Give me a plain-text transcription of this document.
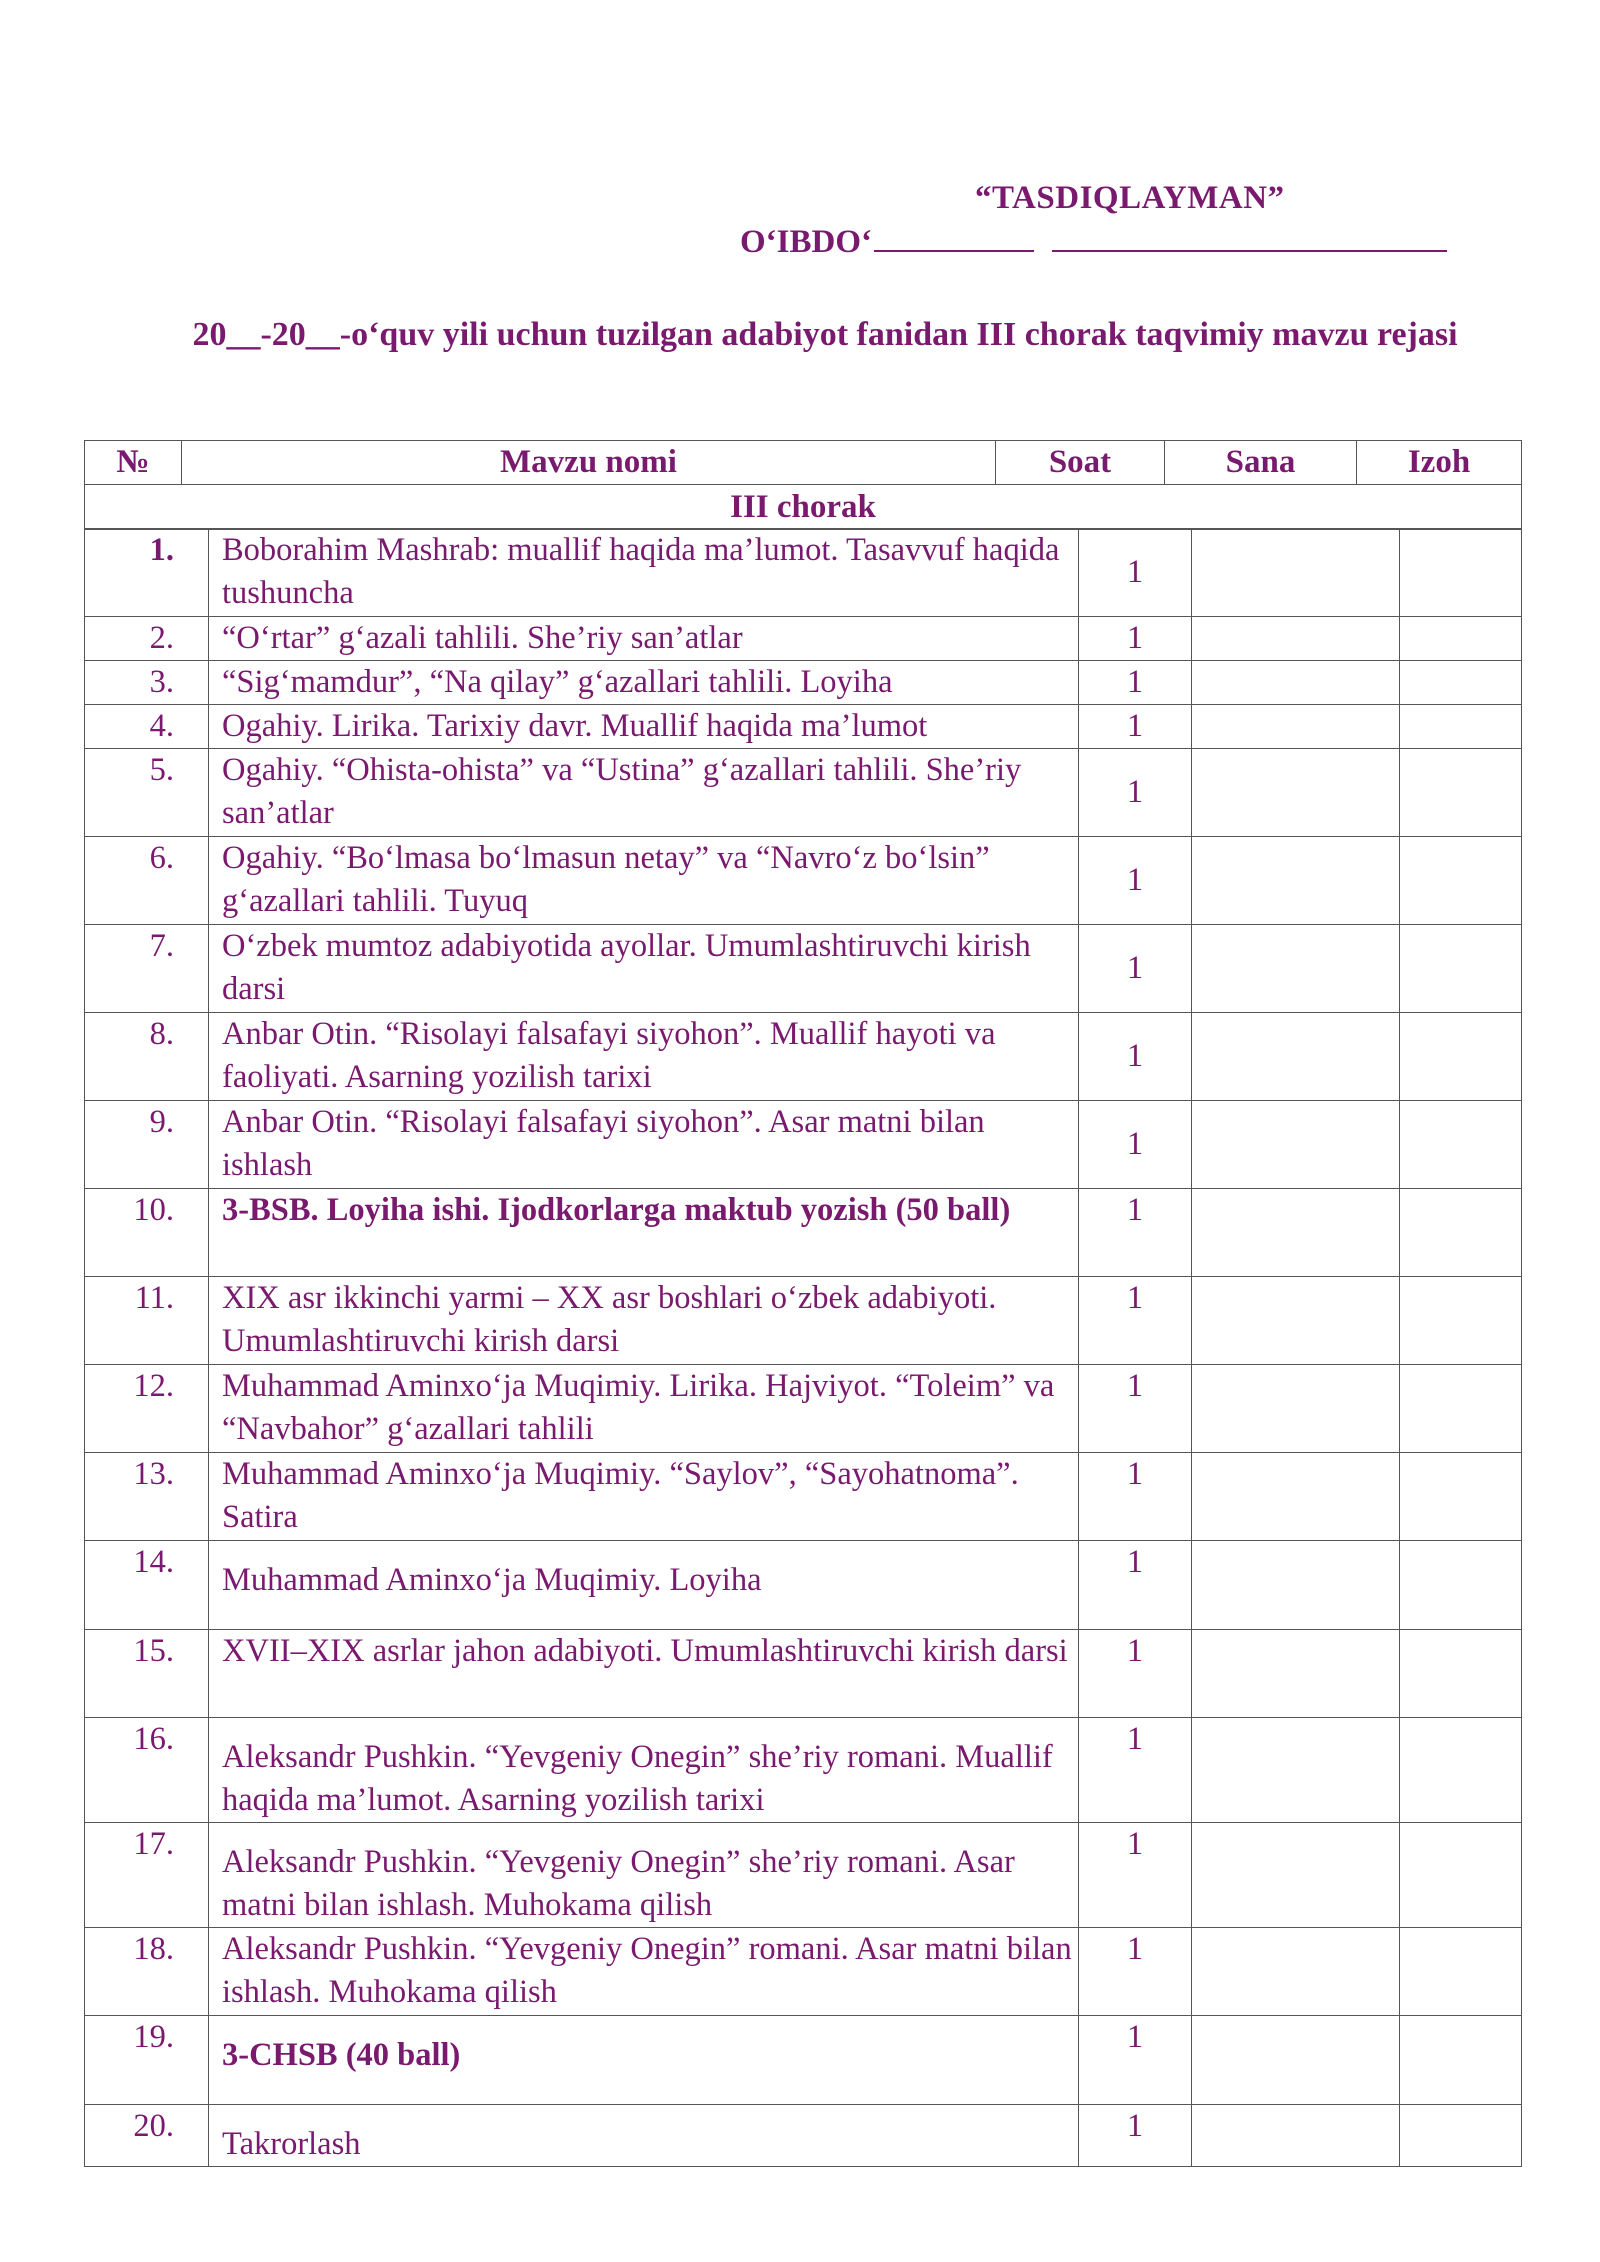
“TASDIQLAYMAN”
O‘IBDO‘
20__-20__-o‘quv yili uchun tuzilgan adabiyot fanidan III chorak taqvimiy mavzu rejasi
№	Mavzu nomi	Soat	Sana	Izoh
III chorak
1.	Boborahim Mashrab: muallif haqida ma’lumot. Tasavvuf haqida tushuncha	1		
2.	“O‘rtar” g‘azali tahlili. She’riy san’atlar	1		
3.	“Sig‘mamdur”, “Na qilay” g‘azallari tahlili. Loyiha	1		
4.	Ogahiy. Lirika. Tarixiy davr. Muallif haqida ma’lumot	1		
5.	Ogahiy. “Ohista-ohista” va “Ustina” g‘azallari tahlili. She’riy san’atlar	1		
6.	Ogahiy. “Bo‘lmasa bo‘lmasun netay” va “Navro‘z bo‘lsin” g‘azallari tahlili. Tuyuq	1		
7.	O‘zbek mumtoz adabiyotida ayollar. Umumlashtiruvchi kirish darsi	1		
8.	Anbar Otin. “Risolayi falsafayi siyohon”. Muallif hayoti va faoliyati. Asarning yozilish tarixi	1		
9.	Anbar Otin. “Risolayi falsafayi siyohon”. Asar matni bilan ishlash	1		
10.	3-BSB. Loyiha ishi. Ijodkorlarga maktub yozish (50 ball)	1		
11.	XIX asr ikkinchi yarmi – XX asr boshlari o‘zbek adabiyoti. Umumlashtiruvchi kirish darsi	1		
12.	Muhammad Aminxo‘ja Muqimiy. Lirika. Hajviyot. “Toleim” va “Navbahor” g‘azallari tahlili	1		
13.	Muhammad Aminxo‘ja Muqimiy. “Saylov”, “Sayohatnoma”. Satira	1		
14.	Muhammad Aminxo‘ja Muqimiy. Loyiha	1		
15.	XVII–XIX asrlar jahon adabiyoti. Umumlashtiruvchi kirish darsi	1		
16.	Aleksandr Pushkin. “Yevgeniy Onegin” she’riy romani. Muallif haqida ma’lumot. Asarning yozilish tarixi	1		
17.	Aleksandr Pushkin. “Yevgeniy Onegin” she’riy romani. Asar matni bilan ishlash. Muhokama qilish	1		
18.	Aleksandr Pushkin. “Yevgeniy Onegin” romani. Asar matni bilan ishlash. Muhokama qilish	1		
19.	3-CHSB (40 ball)	1		
20.	Takrorlash	1		
